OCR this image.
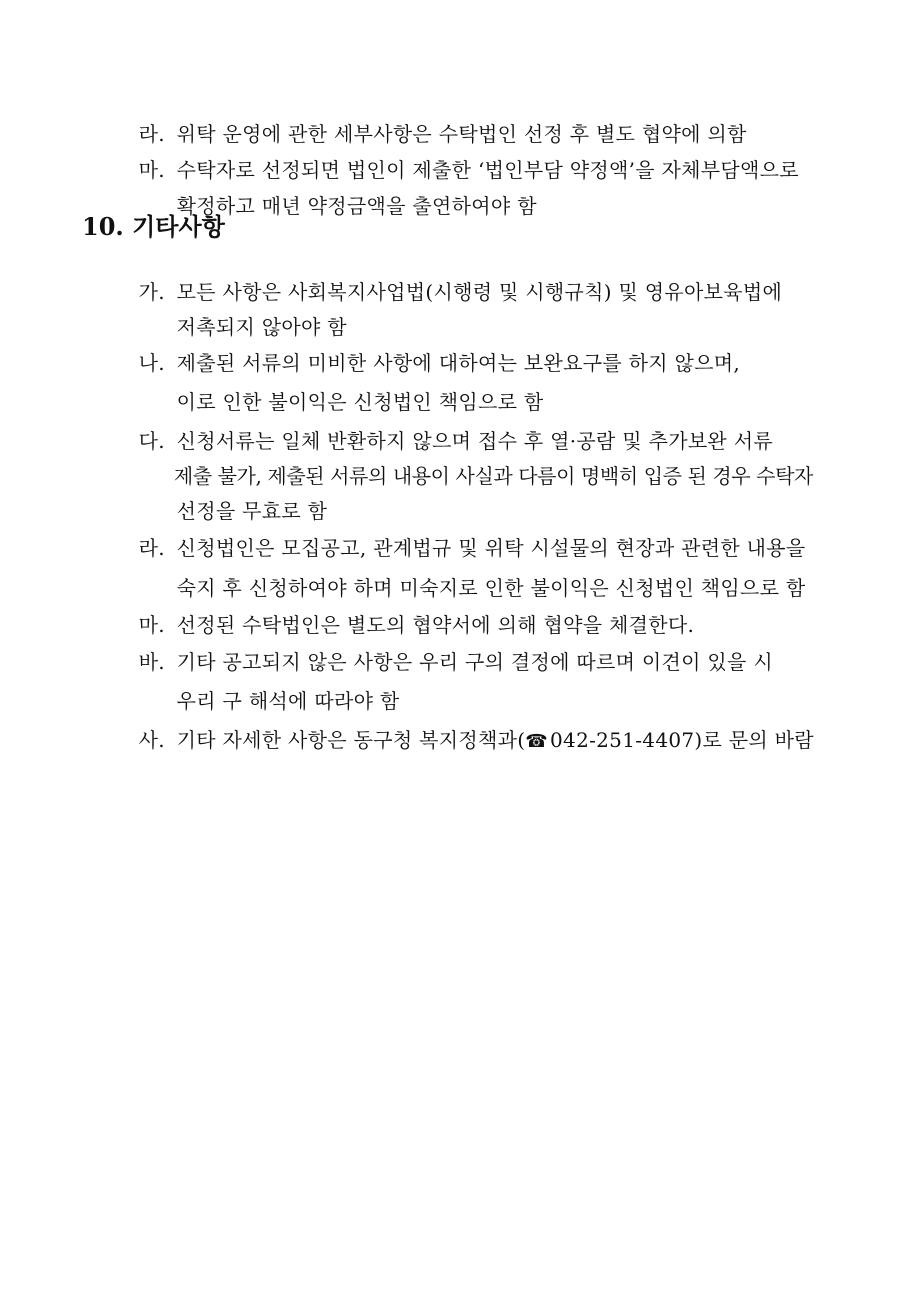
라. 위탁 운영에 관한 세부사항은 수탁법인 선정 후 별도 협약에 의함

마. 수탁자로 선정되면 법인이 제출한 ‘법인부담 약정액’을 자체부담액으로

확정하고 매년 약정금액을 출연하여야 함

10. 기타사항

가. 모든 사항은 사회복지사업법(시행령 및 시행규칙) 및 영유아보육법에

저촉되지 않아야 함

나. 제출된 서류의 미비한 사항에 대하여는 보완요구를 하지 않으며,

이로 인한 불이익은 신청법인 책임으로 함

다. 신청서류는 일체 반환하지 않으며 접수 후 열·공람 및 추가보완 서류

제출 불가, 제출된 서류의 내용이 사실과 다름이 명백히 입증 된 경우 수탁자

선정을 무효로 함

라. 신청법인은 모집공고, 관계법규 및 위탁 시설물의 현장과 관련한 내용을

숙지 후 신청하여야 하며 미숙지로 인한 불이익은 신청법인 책임으로 함

마. 선정된 수탁법인은 별도의 협약서에 의해 협약을 체결한다.

바. 기타 공고되지 않은 사항은 우리 구의 결정에 따르며 이견이 있을 시

우리 구 해석에 따라야 함

사. 기타 자세한 사항은 동구청 복지정책과(☎ 042-251-4407)로 문의 바람
